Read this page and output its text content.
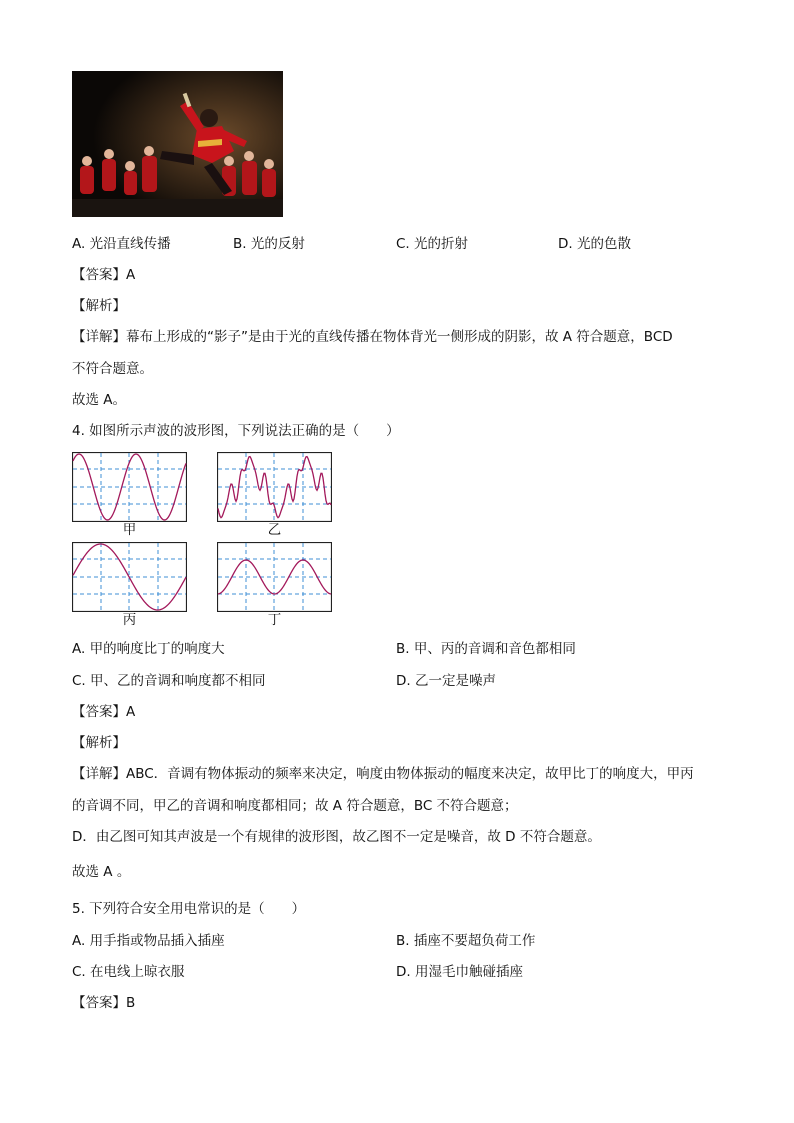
A. 光沿直线传播	B. 光的反射	C. 光的折射	D. 光的色散
【答案】A
【解析】
【详解】幕布上形成的“影子”是由于光的直线传播在物体背光一侧形成的阴影，故 A 符合题意，BCD
不符合题意。
故选 A。
4. 如图所示声波的波形图，下列说法正确的是（　　）
甲	乙
丙	丁
A. 甲的响度比丁的响度大	B. 甲、丙的音调和音色都相同
C. 甲、乙的音调和响度都不相同	D. 乙一定是噪声
【答案】A
【解析】
【详解】ABC．音调有物体振动的频率来决定，响度由物体振动的幅度来决定，故甲比丁的响度大，甲丙
的音调不同，甲乙的音调和响度都相同；故 A 符合题意，BC 不符合题意；
D．由乙图可知其声波是一个有规律的波形图，故乙图不一定是噪音，故 D 不符合题意。
故选 A 。
5. 下列符合安全用电常识的是（　　）
A. 用手指或物品插入插座	B. 插座不要超负荷工作
C. 在电线上晾衣服	D. 用湿毛巾触碰插座
【答案】B
